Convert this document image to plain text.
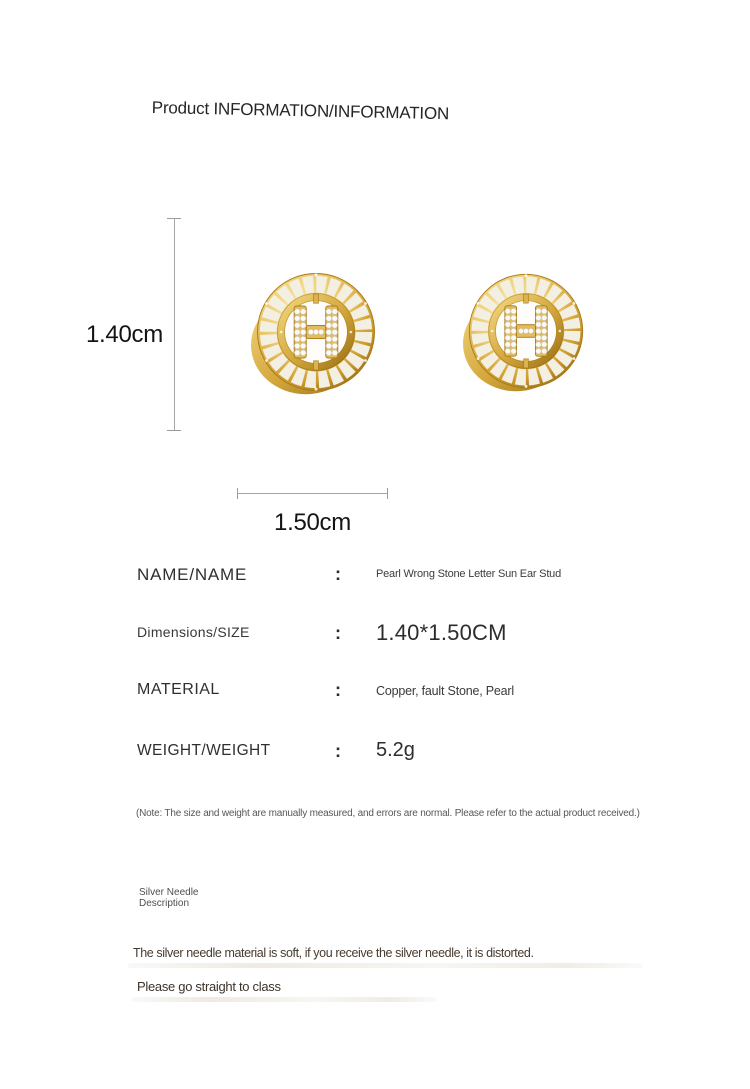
Product INFORMATION/INFORMATION
1.40cm
1.50cm
NAME/NAME	:	Pearl Wrong Stone Letter Sun Ear Stud
Dimensions/SIZE	: 1.40*1.50CM
MATERIAL	:	Copper, fault Stone, Pearl
WEIGHT/WEIGHT	: 5.2g
(Note: The size and weight are manually measured, and errors are normal. Please refer to the actual product received.)
Silver Needle
Description
The silver needle material is soft, if you receive the silver needle, it is distorted.
Please go straight to class
